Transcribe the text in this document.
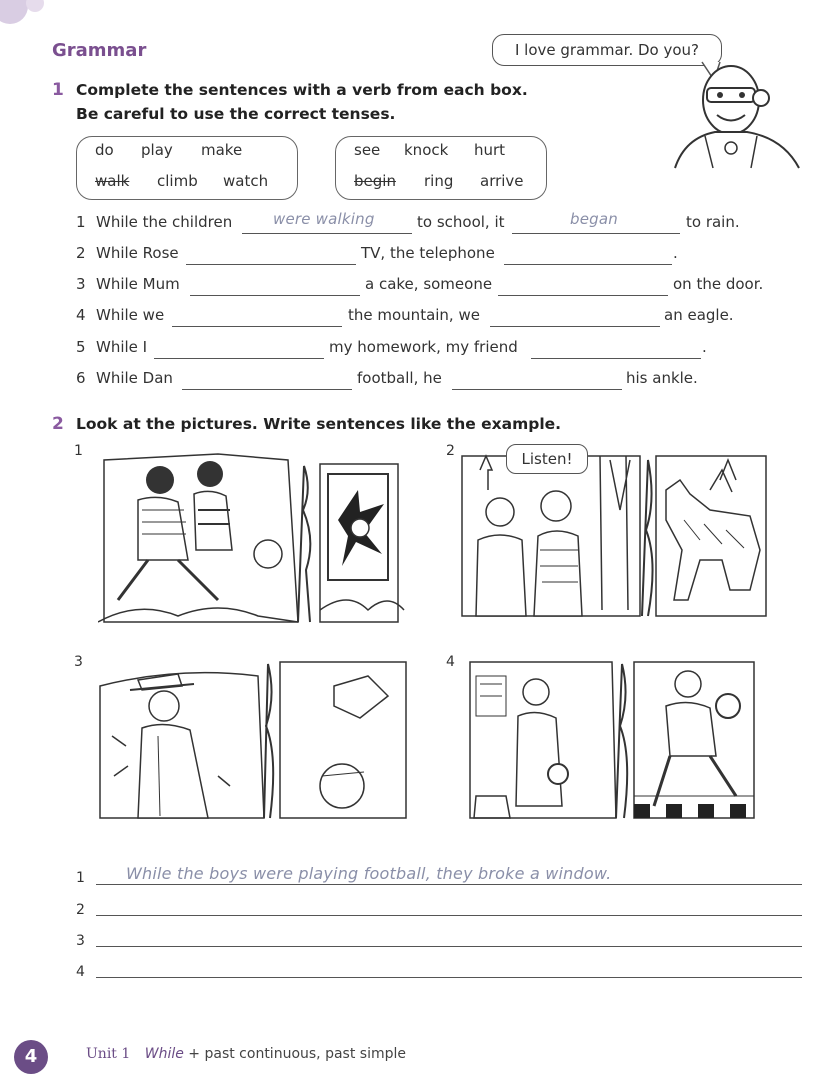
Grammar	I love grammar. Do you?
1 Complete the sentences with a verb from each box.
Be careful to use the correct tenses.
do play make
walk climb watch
see knock hurt
begin ring arrive
1 While the children	were walking	to school, it	began	to rain.
2 While Rose	TV, the telephone	.
3 While Mum	a cake, someone	on the door.
4 While we	the mountain, we	an eagle.
5 While I	my homework, my friend	.
6 While Dan	football, he	his ankle.
2 Look at the pictures. Write sentences like the example.
1	2	Listen!
3	4
1	While the boys were playing football, they broke a window.
2
3
4
4	Unit 1 While + past continuous, past simple
